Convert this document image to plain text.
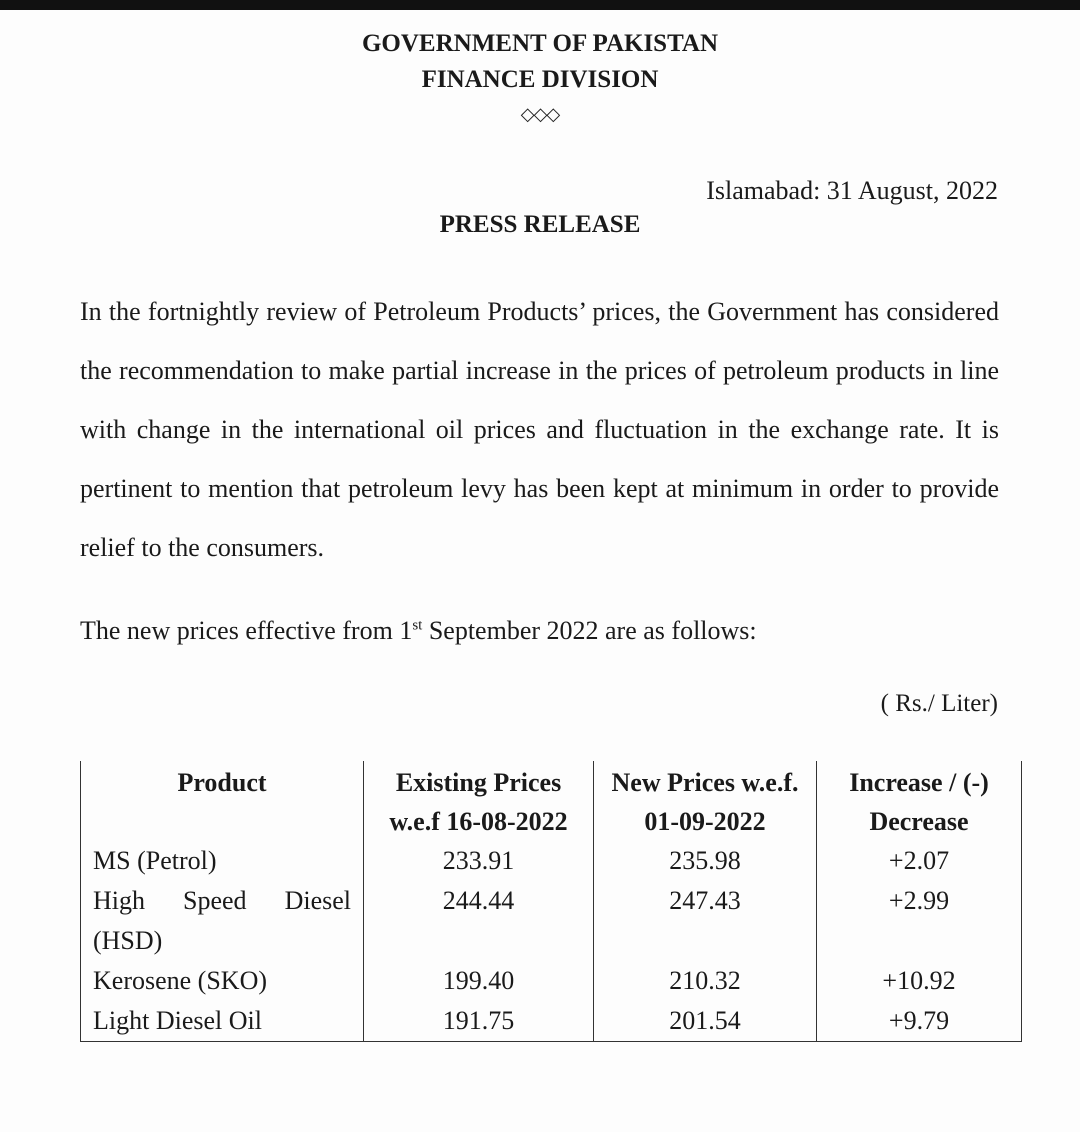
GOVERNMENT OF PAKISTAN
FINANCE DIVISION
◇◇◇
Islamabad: 31 August, 2022
PRESS RELEASE

In the fortnightly review of Petroleum Products’ prices, the Government has considered the recommendation to make partial increase in the prices of petroleum products in line with change in the international oil prices and fluctuation in the exchange rate. It is pertinent to mention that petroleum levy has been kept at minimum in order to provide relief to the consumers.

The new prices effective from 1st September 2022 are as follows:

( Rs./ Liter)
Product	Existing Prices w.e.f 16-08-2022	New Prices w.e.f. 01-09-2022	Increase / (-) Decrease
MS (Petrol)	233.91	235.98	+2.07
High Speed Diesel (HSD)	244.44	247.43	+2.99
Kerosene (SKO)	199.40	210.32	+10.92
Light Diesel Oil	191.75	201.54	+9.79
